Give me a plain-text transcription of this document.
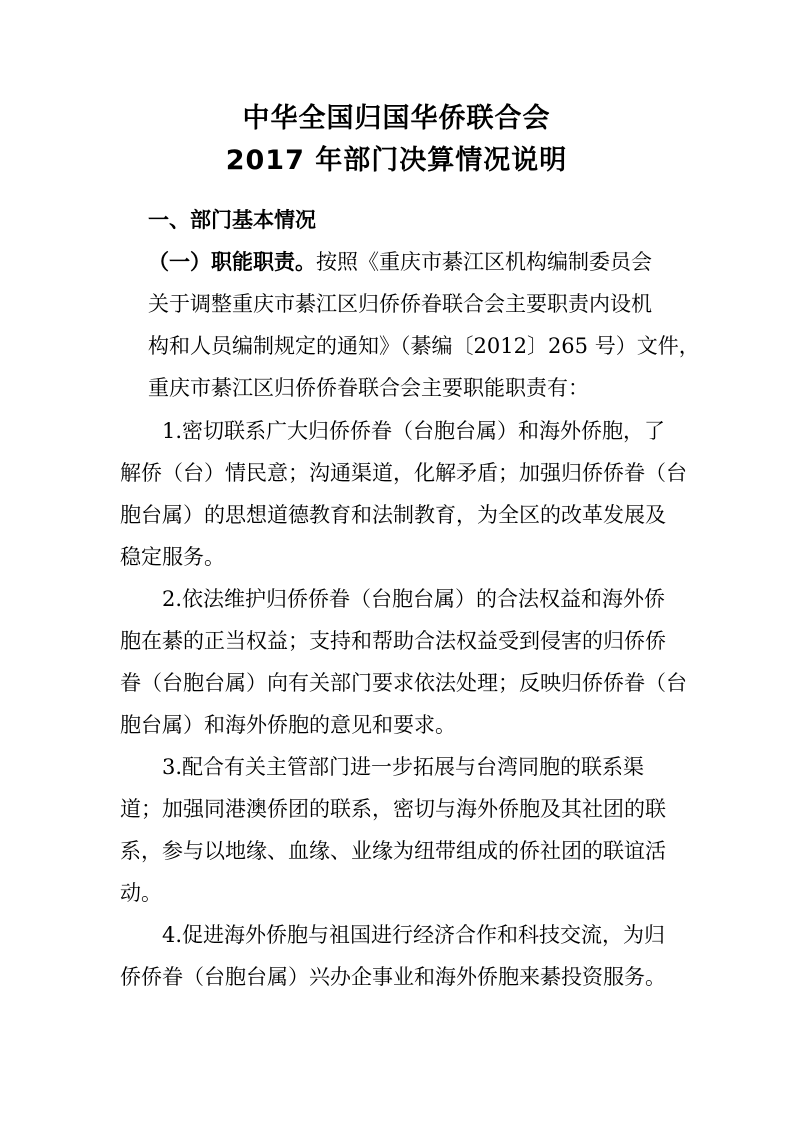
中华全国归国华侨联合会
2017 年部门决算情况说明
一、部门基本情况
（一）职能职责。按照《重庆市綦江区机构编制委员会
关于调整重庆市綦江区归侨侨眷联合会主要职责内设机
构和人员编制规定的通知》（綦编〔2012〕265 号）文件，
重庆市綦江区归侨侨眷联合会主要职能职责有：
1.密切联系广大归侨侨眷（台胞台属）和海外侨胞，了
解侨（台）情民意；沟通渠道，化解矛盾；加强归侨侨眷（台
胞台属）的思想道德教育和法制教育，为全区的改革发展及
稳定服务。
2.依法维护归侨侨眷（台胞台属）的合法权益和海外侨
胞在綦的正当权益；支持和帮助合法权益受到侵害的归侨侨
眷（台胞台属）向有关部门要求依法处理；反映归侨侨眷（台
胞台属）和海外侨胞的意见和要求。
3.配合有关主管部门进一步拓展与台湾同胞的联系渠
道；加强同港澳侨团的联系，密切与海外侨胞及其社团的联
系，参与以地缘、血缘、业缘为纽带组成的侨社团的联谊活
动。
4.促进海外侨胞与祖国进行经济合作和科技交流，为归
侨侨眷（台胞台属）兴办企事业和海外侨胞来綦投资服务。
